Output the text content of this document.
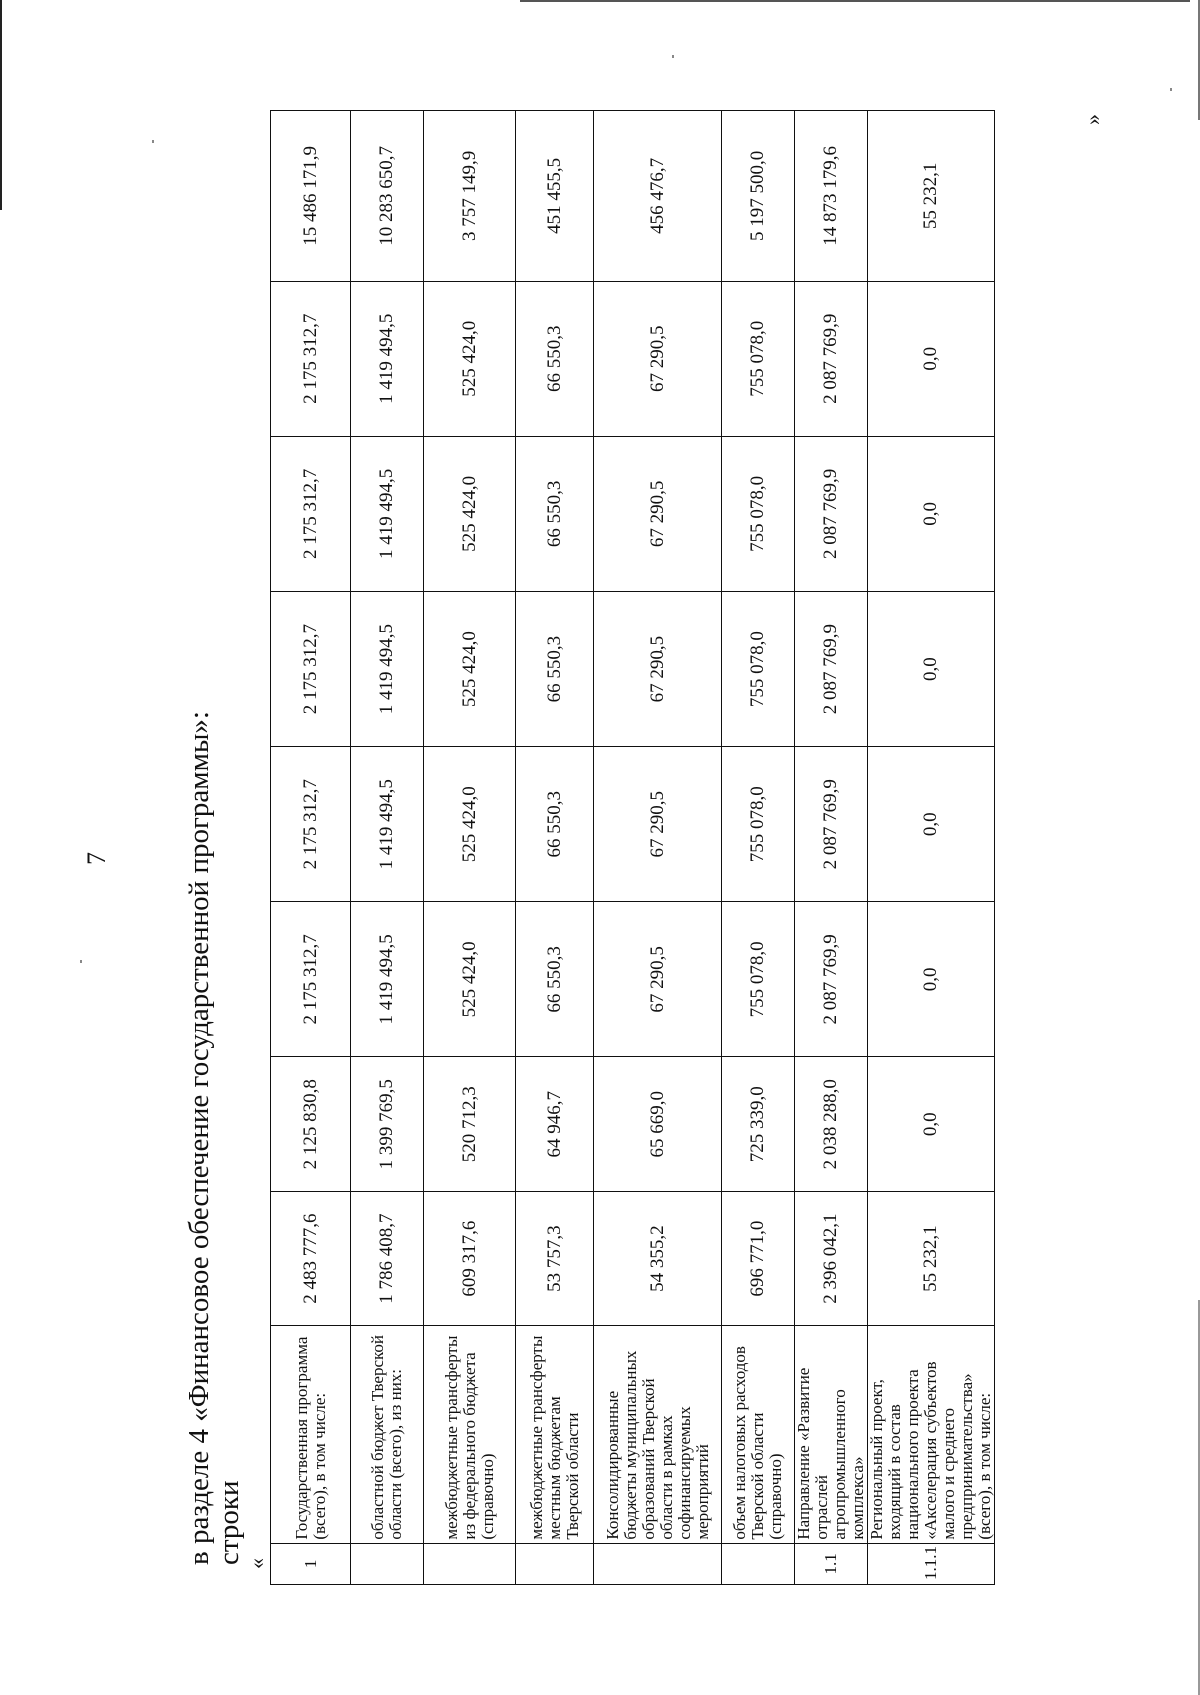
7 в разделе 4 «Финансовое обеспечение государственной программы»:
строки « 1	Государственная программа (всего), в том числе:	2 483 777,6	2 125 830,8	2 175 312,7	2 175 312,7	2 175 312,7	2 175 312,7	2 175 312,7	15 486 171,9
	областной бюджет Тверской области (всего), из них:	1 786 408,7	1 399 769,5	1 419 494,5	1 419 494,5	1 419 494,5	1 419 494,5	1 419 494,5	10 283 650,7
	межбюджетные трансферты из федерального бюджета (справочно)	609 317,6	520 712,3	525 424,0	525 424,0	525 424,0	525 424,0	525 424,0	3 757 149,9
	межбюджетные трансферты местным бюджетам Тверской области	53 757,3	64 946,7	66 550,3	66 550,3	66 550,3	66 550,3	66 550,3	451 455,5
	Консолидированные бюджеты муниципальных образований Тверской области в рамках софинансируемых мероприятий	54 355,2	65 669,0	67 290,5	67 290,5	67 290,5	67 290,5	67 290,5	456 476,7
	объем налоговых расходов Тверской области (справочно)	696 771,0	725 339,0	755 078,0	755 078,0	755 078,0	755 078,0	755 078,0	5 197 500,0
1.1	Направление «Развитие отраслей агропромышленного комплекса»	2 396 042,1	2 038 288,0	2 087 769,9	2 087 769,9	2 087 769,9	2 087 769,9	2 087 769,9	14 873 179,6
1.1.1	Региональный проект, входящий в состав национального проекта «Акселерация субъектов малого и среднего предпринимательства» (всего), в том числе:	55 232,1	0,0	0,0	0,0	0,0	0,0	0,0	55 232,1
»
